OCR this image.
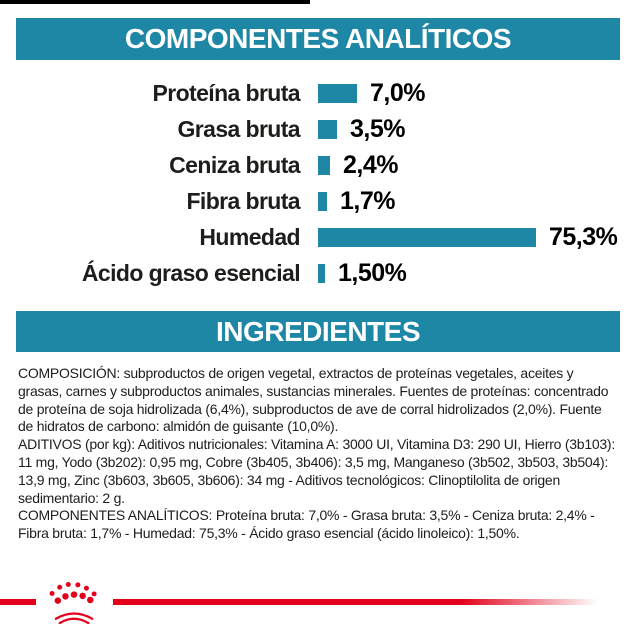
COMPONENTES ANALÍTICOS
Proteína bruta	7,0%
Grasa bruta 3,5%
Ceniza bruta 2,4%
Fibra bruta 1,7%
Humedad	75,3%
Ácido graso esencial 1,50%
INGREDIENTES

COMPOSICIÓN: subproductos de origen vegetal, extractos de proteínas vegetales, aceites y grasas, carnes y subproductos animales, sustancias minerales. Fuentes de proteínas: concentrado de proteína de soja hidrolizada (6,4%), subproductos de ave de corral hidrolizados (2,0%). Fuente de hidratos de carbono: almidón de guisante (10,0%).

ADITIVOS (por kg): Aditivos nutricionales: Vitamina A: 3000 UI, Vitamina D3: 290 UI, Hierro (3b103): 11 mg, Yodo (3b202): 0,95 mg, Cobre (3b405, 3b406): 3,5 mg, Manganeso (3b502, 3b503, 3b504): 13,9 mg, Zinc (3b603, 3b605, 3b606): 34 mg - Aditivos tecnológicos: Clinoptilolita de origen sedimentario: 2 g.

COMPONENTES ANALÍTICOS: Proteína bruta: 7,0% - Grasa bruta: 3,5% - Ceniza bruta: 2,4% - Fibra bruta: 1,7% - Humedad: 75,3% - Ácido graso esencial (ácido linoleico): 1,50%.
